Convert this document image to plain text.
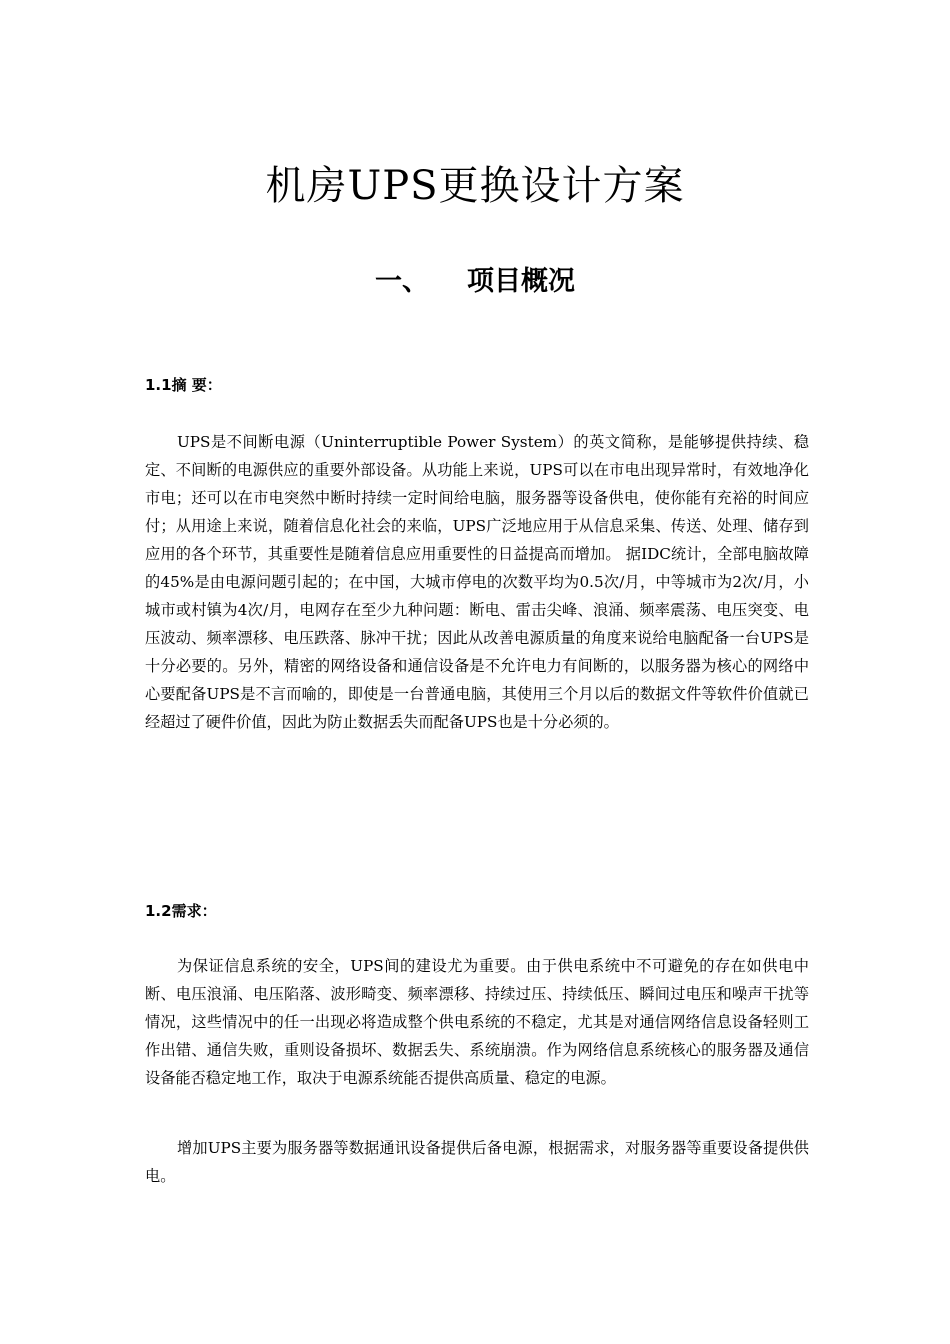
机房UPS更换设计方案
一、 项目概况
1.1摘 要：

UPS是不间断电源（Uninterruptible Power System）的英文简称，是能够提供持续、稳定、不间断的电源供应的重要外部设备。从功能上来说，UPS可以在市电出现异常时，有效地净化市电；还可以在市电突然中断时持续一定时间给电脑，服务器等设备供电，使你能有充裕的时间应付；从用途上来说，随着信息化社会的来临，UPS广泛地应用于从信息采集、传送、处理、储存到应用的各个环节，其重要性是随着信息应用重要性的日益提高而增加。 据IDC统计，全部电脑故障的45%是由电源问题引起的；在中国，大城市停电的次数平均为0.5次/月，中等城市为2次/月，小城市或村镇为4次/月，电网存在至少九种问题：断电、雷击尖峰、浪涌、频率震荡、电压突变、电压波动、频率漂移、电压跌落、脉冲干扰；因此从改善电源质量的角度来说给电脑配备一台UPS是十分必要的。另外，精密的网络设备和通信设备是不允许电力有间断的，以服务器为核心的网络中心要配备UPS是不言而喻的，即使是一台普通电脑，其使用三个月以后的数据文件等软件价值就已经超过了硬件价值，因此为防止数据丢失而配备UPS也是十分必须的。

1.2需求：

为保证信息系统的安全，UPS间的建设尤为重要。由于供电系统中不可避免的存在如供电中断、电压浪涌、电压陷落、波形畸变、频率漂移、持续过压、持续低压、瞬间过电压和噪声干扰等情况，这些情况中的任一出现必将造成整个供电系统的不稳定，尤其是对通信网络信息设备轻则工作出错、通信失败，重则设备损坏、数据丢失、系统崩溃。作为网络信息系统核心的服务器及通信设备能否稳定地工作，取决于电源系统能否提供高质量、稳定的电源。

增加UPS主要为服务器等数据通讯设备提供后备电源，根据需求，对服务器等重要设备提供供电。
